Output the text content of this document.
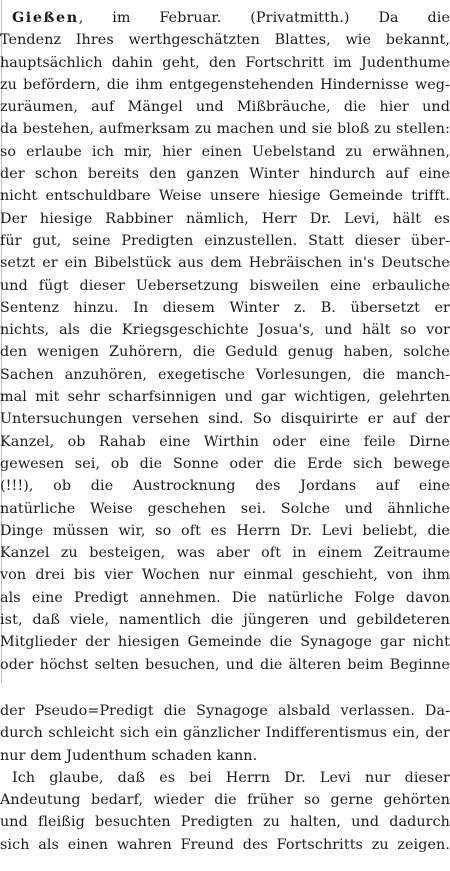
Gießen, im Februar. (Privatmitth.) Da die
Tendenz Ihres werthgeschätzten Blattes, wie bekannt,
hauptsächlich dahin geht, den Fortschritt im Judenthume
zu befördern, die ihm entgegenstehenden Hindernisse weg-
zuräumen, auf Mängel und Mißbräuche, die hier und
da bestehen, aufmerksam zu machen und sie bloß zu stellen:
so erlaube ich mir, hier einen Uebelstand zu erwähnen,
der schon bereits den ganzen Winter hindurch auf eine
nicht entschuldbare Weise unsere hiesige Gemeinde trifft.
Der hiesige Rabbiner nämlich, Herr Dr. Levi, hält es
für gut, seine Predigten einzustellen. Statt dieser über-
setzt er ein Bibelstück aus dem Hebräischen in's Deutsche
und fügt dieser Uebersetzung bisweilen eine erbauliche
Sentenz hinzu. In diesem Winter z. B. übersetzt er
nichts, als die Kriegsgeschichte Josua's, und hält so vor
den wenigen Zuhörern, die Geduld genug haben, solche
Sachen anzuhören, exegetische Vorlesungen, die manch-
mal mit sehr scharfsinnigen und gar wichtigen, gelehrten
Untersuchungen versehen sind. So disquirirte er auf der
Kanzel, ob Rahab eine Wirthin oder eine feile Dirne
gewesen sei, ob die Sonne oder die Erde sich bewege
(!!!), ob die Austrocknung des Jordans auf eine
natürliche Weise geschehen sei. Solche und ähnliche
Dinge müssen wir, so oft es Herrn Dr. Levi beliebt, die
Kanzel zu besteigen, was aber oft in einem Zeitraume
von drei bis vier Wochen nur einmal geschieht, von ihm
als eine Predigt annehmen. Die natürliche Folge davon
ist, daß viele, namentlich die jüngeren und gebildeteren
Mitglieder der hiesigen Gemeinde die Synagoge gar nicht
oder höchst selten besuchen, und die älteren beim Beginne
der Pseudo=Predigt die Synagoge alsbald verlassen. Da-
durch schleicht sich ein gänzlicher Indifferentismus ein, der
nur dem Judenthum schaden kann.
Ich glaube, daß es bei Herrn Dr. Levi nur dieser
Andeutung bedarf, wieder die früher so gerne gehörten
und fleißig besuchten Predigten zu halten, und dadurch
sich als einen wahren Freund des Fortschritts zu zeigen.
